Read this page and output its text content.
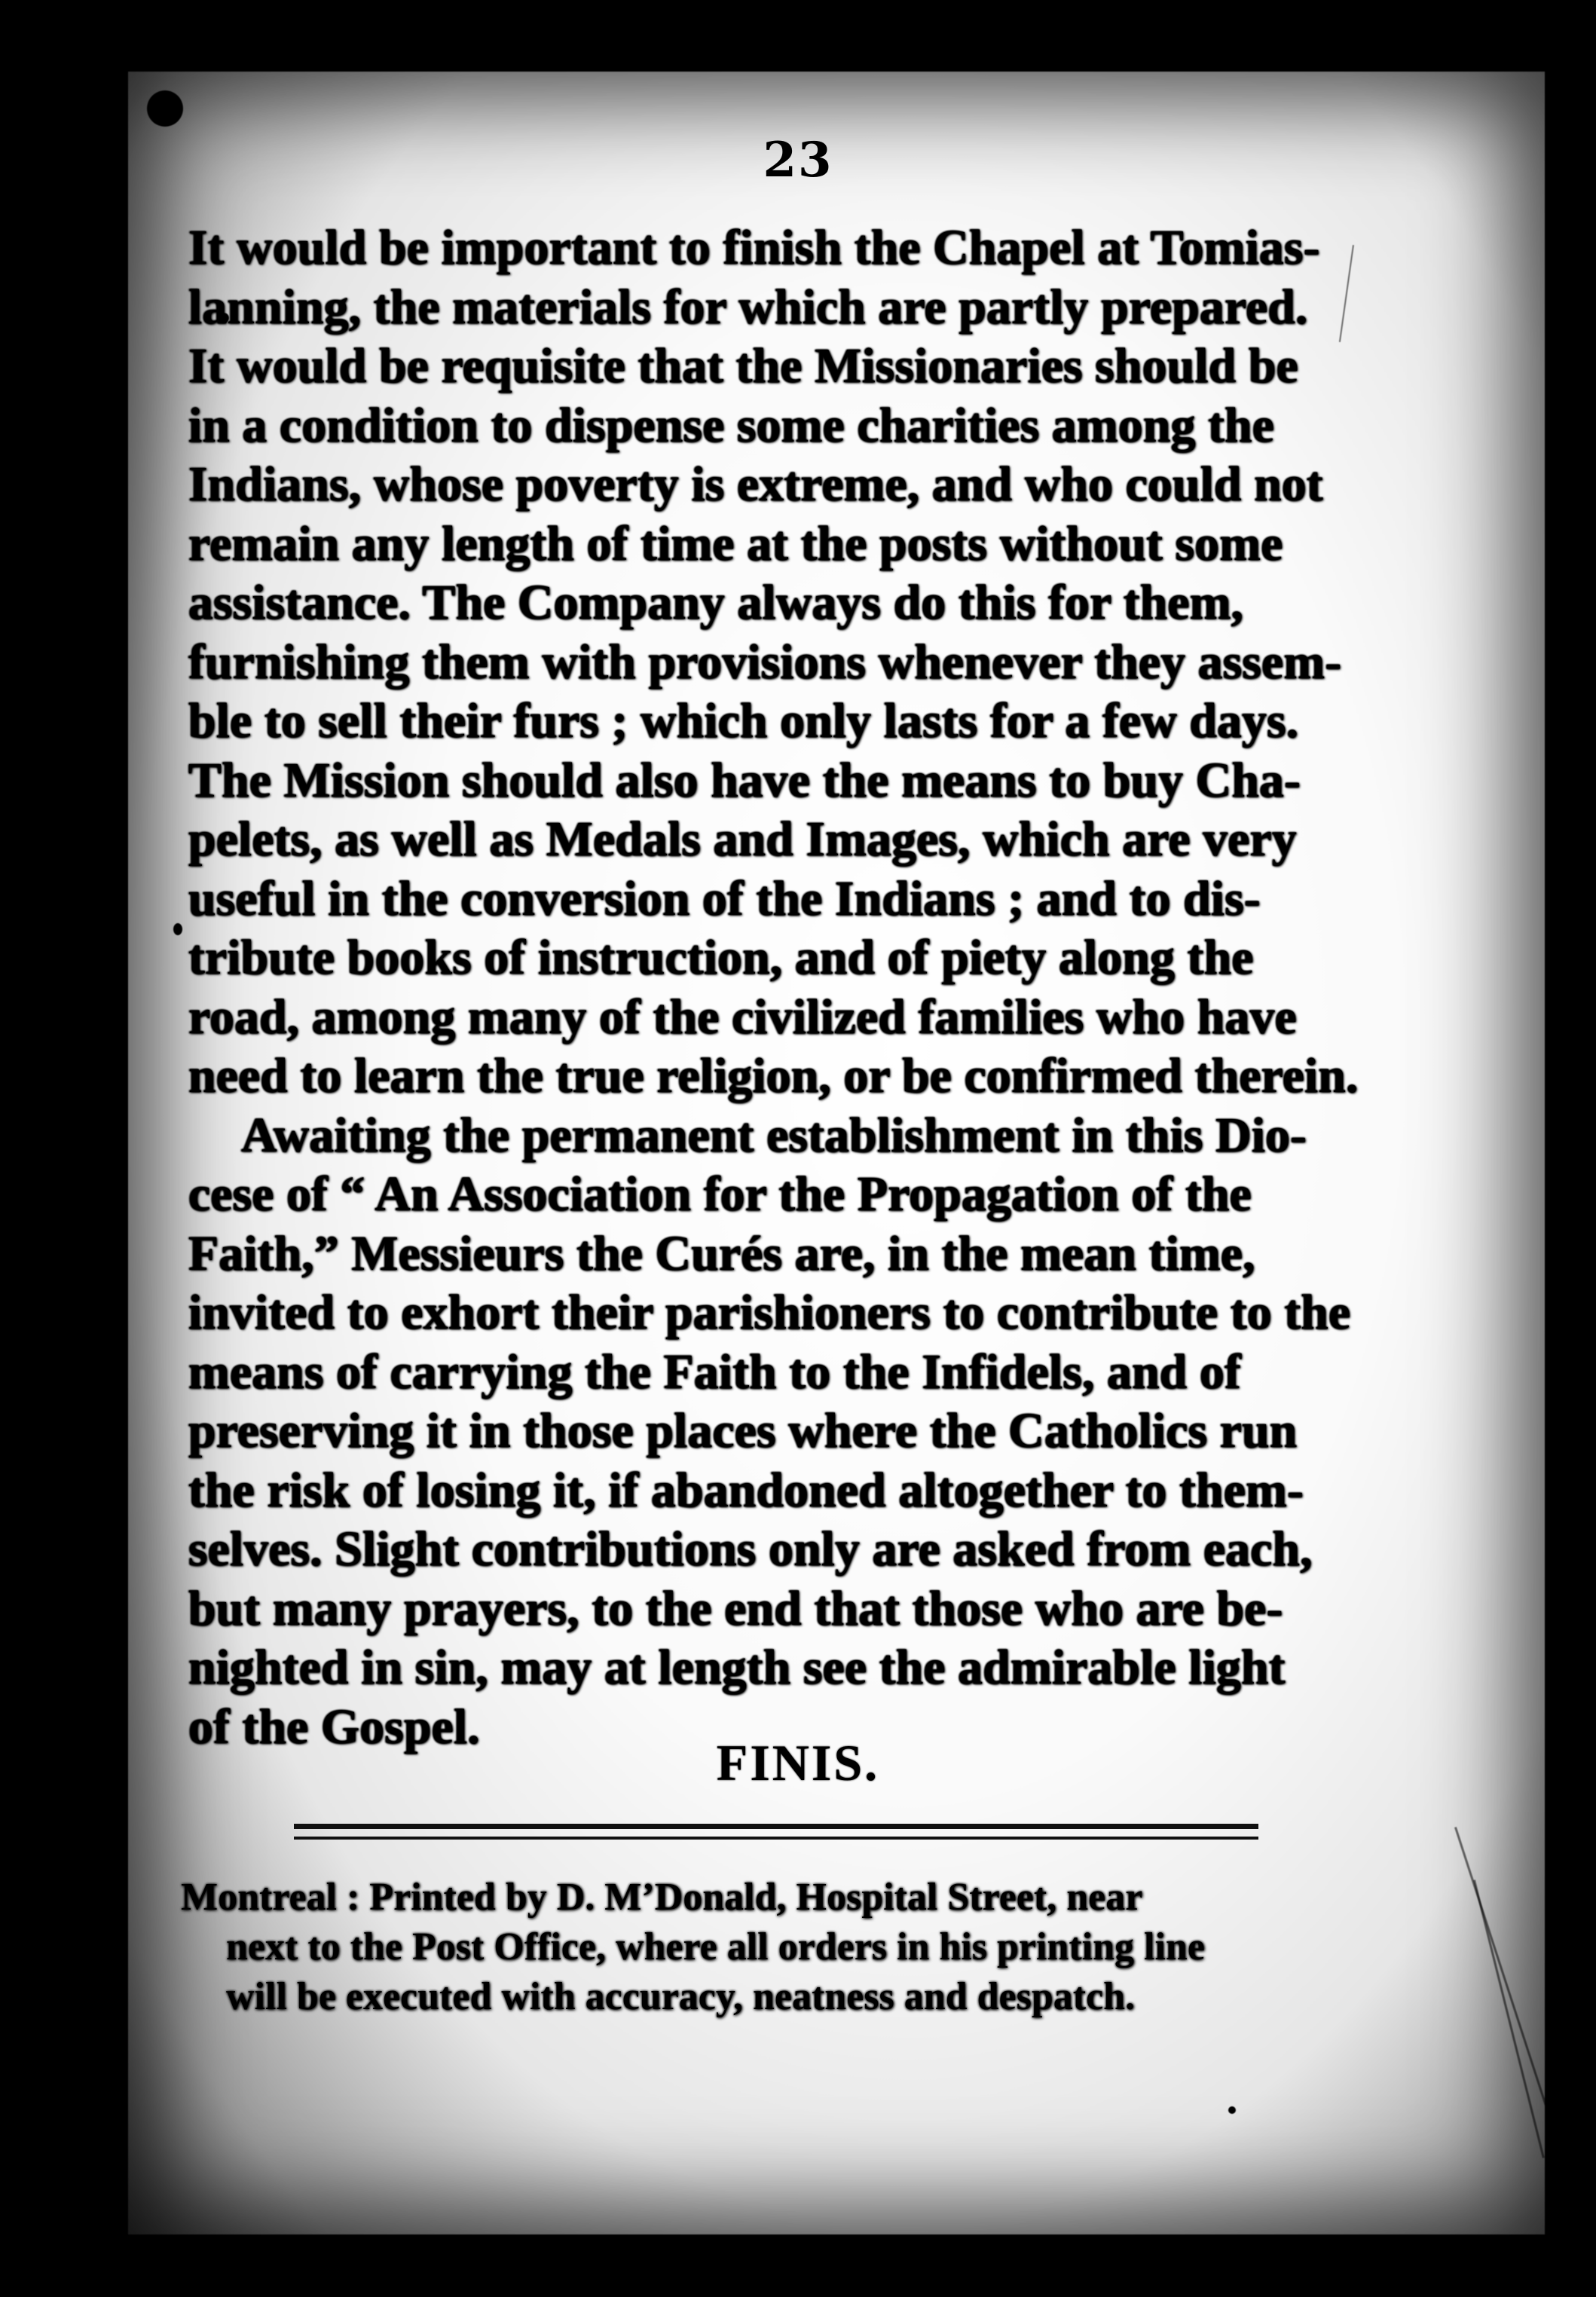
23

It would be important to finish the Chapel at Tomias-
lanning, the materials for which are partly prepared.
It would be requisite that the Missionaries should be
in a condition to dispense some charities among the
Indians, whose poverty is extreme, and who could not
remain any length of time at the posts without some
assistance. The Company always do this for them,
furnishing them with provisions whenever they assem-
ble to sell their furs ; which only lasts for a few days.
The Mission should also have the means to buy Cha-
pelets, as well as Medals and Images, which are very
useful in the conversion of the Indians ; and to dis-
tribute books of instruction, and of piety along the
road, among many of the civilized families who have
need to learn the true religion, or be confirmed therein.

Awaiting the permanent establishment in this Dio-
cese of “ An Association for the Propagation of the
Faith,” Messieurs the Curés are, in the mean time,
invited to exhort their parishioners to contribute to the
means of carrying the Faith to the Infidels, and of
preserving it in those places where the Catholics run
the risk of losing it, if abandoned altogether to them-
selves. Slight contributions only are asked from each,
but many prayers, to the end that those who are be-
nighted in sin, may at length see the admirable light
of the Gospel.

FINIS.
Montreal : Printed by D. M’Donald, Hospital Street, near
next to the Post Office, where all orders in his printing line
will be executed with accuracy, neatness and despatch.
